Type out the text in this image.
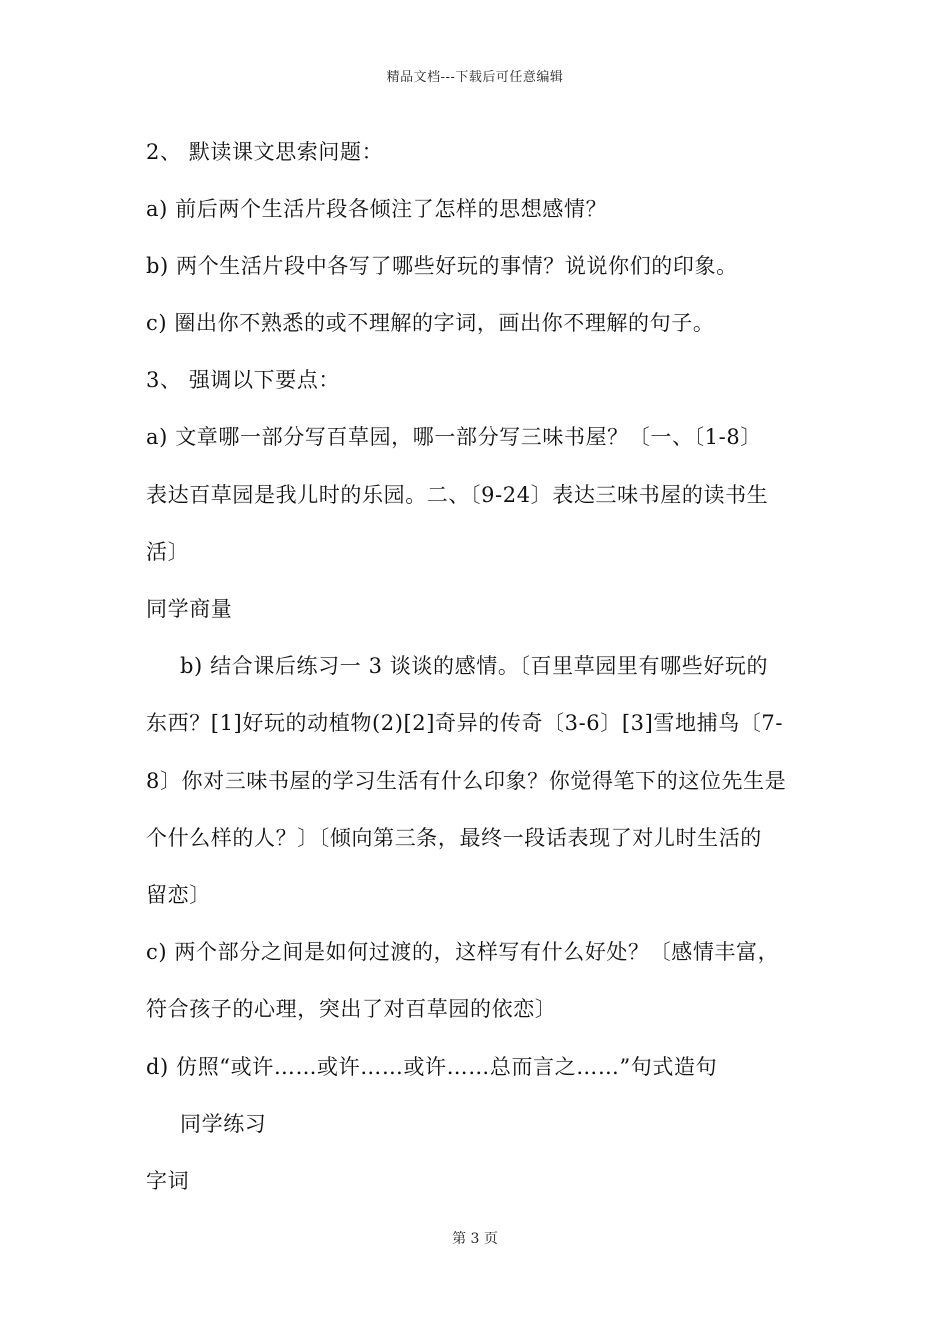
精品文档---下载后可任意编辑
2、 默读课文思索问题：
a) 前后两个生活片段各倾注了怎样的思想感情？
b) 两个生活片段中各写了哪些好玩的事情？说说你们的印象。
c) 圈出你不熟悉的或不理解的字词，画出你不理解的句子。
3、 强调以下要点：
a) 文章哪一部分写百草园，哪一部分写三味书屋？〔一、〔1-8〕
表达百草园是我儿时的乐园。二、〔9-24〕表达三味书屋的读书生
活〕
同学商量
b) 结合课后练习一 3 谈谈的感情。〔百里草园里有哪些好玩的
东西？[1]好玩的动植物(2)[2]奇异的传奇〔3-6〕[3]雪地捕鸟〔7-
8〕你对三味书屋的学习生活有什么印象？你觉得笔下的这位先生是
个什么样的人？〕〔倾向第三条，最终一段话表现了对儿时生活的
留恋〕
c) 两个部分之间是如何过渡的，这样写有什么好处？〔感情丰富，
符合孩子的心理，突出了对百草园的依恋〕
d) 仿照“或许……或许……或许……总而言之……”句式造句
同学练习
字词
第 3 页
